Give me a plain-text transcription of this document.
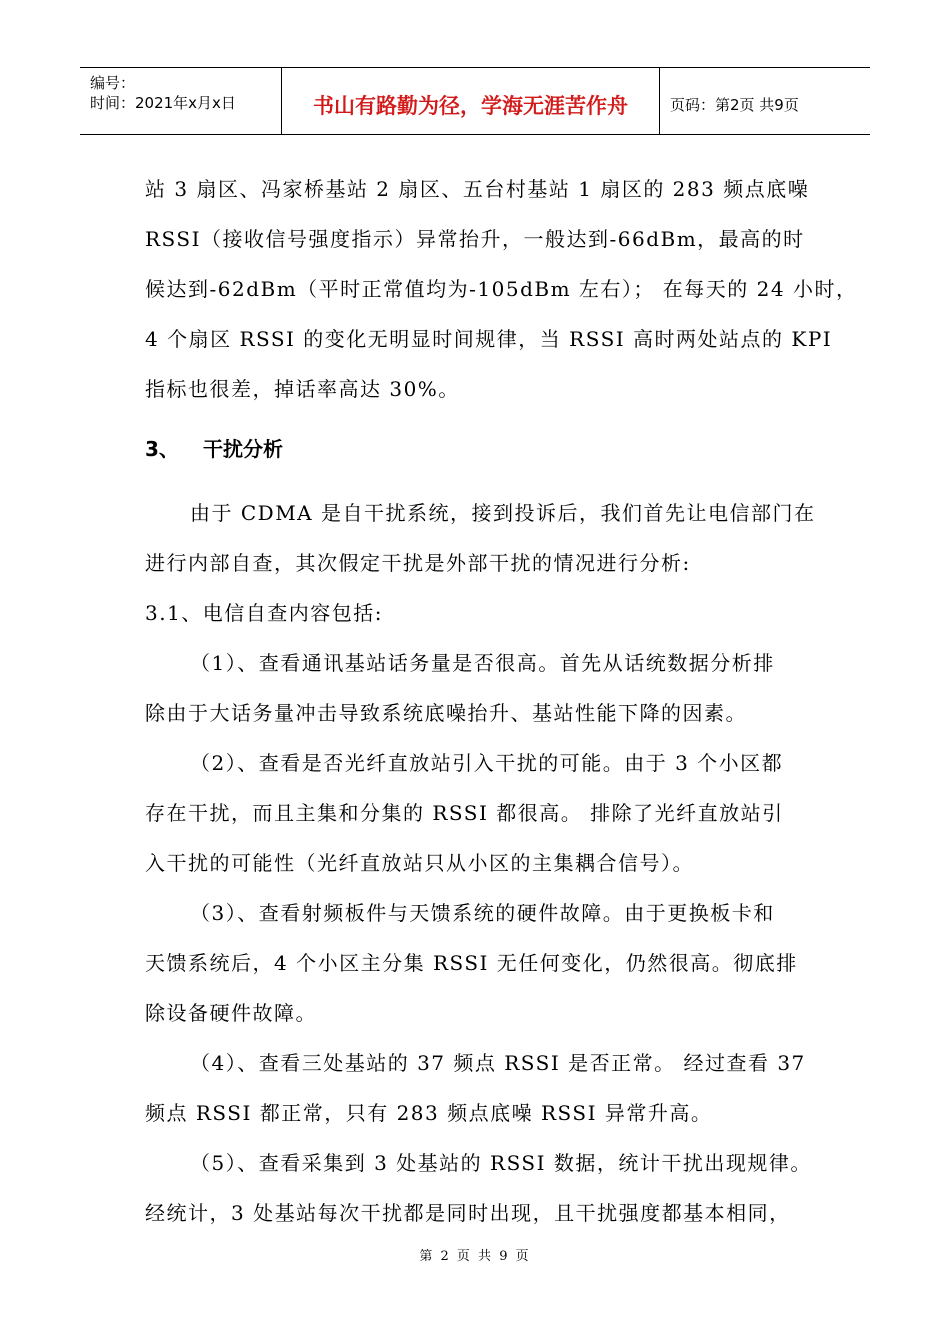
编号：
时间：2021年x月x日	书山有路勤为径，学海无涯苦作舟	页码：第2页 共9页
站 3 扇区、冯家桥基站 2 扇区、五台村基站 1 扇区的 283 频点底噪
RSSI（接收信号强度指示）异常抬升，一般达到-66dBm，最高的时
候达到-62dBm（平时正常值均为-105dBm 左右）； 在每天的 24 小时，
4 个扇区 RSSI 的变化无明显时间规律，当 RSSI 高时两处站点的 KPI
指标也很差，掉话率高达 30%。
3、 干扰分析
由于 CDMA 是自干扰系统，接到投诉后，我们首先让电信部门在
进行内部自查，其次假定干扰是外部干扰的情况进行分析:
3.1、电信自查内容包括:
（1）、查看通讯基站话务量是否很高。首先从话统数据分析排
除由于大话务量冲击导致系统底噪抬升、基站性能下降的因素。
（2）、查看是否光纤直放站引入干扰的可能。由于 3 个小区都
存在干扰，而且主集和分集的 RSSI 都很高。 排除了光纤直放站引
入干扰的可能性（光纤直放站只从小区的主集耦合信号）。
（3）、查看射频板件与天馈系统的硬件故障。由于更换板卡和
天馈系统后，4 个小区主分集 RSSI 无任何变化，仍然很高。彻底排
除设备硬件故障。
（4）、查看三处基站的 37 频点 RSSI 是否正常。 经过查看 37
频点 RSSI 都正常，只有 283 频点底噪 RSSI 异常升高。
（5）、查看采集到 3 处基站的 RSSI 数据，统计干扰出现规律。
经统计，3 处基站每次干扰都是同时出现，且干扰强度都基本相同，
第 2 页 共 9 页
